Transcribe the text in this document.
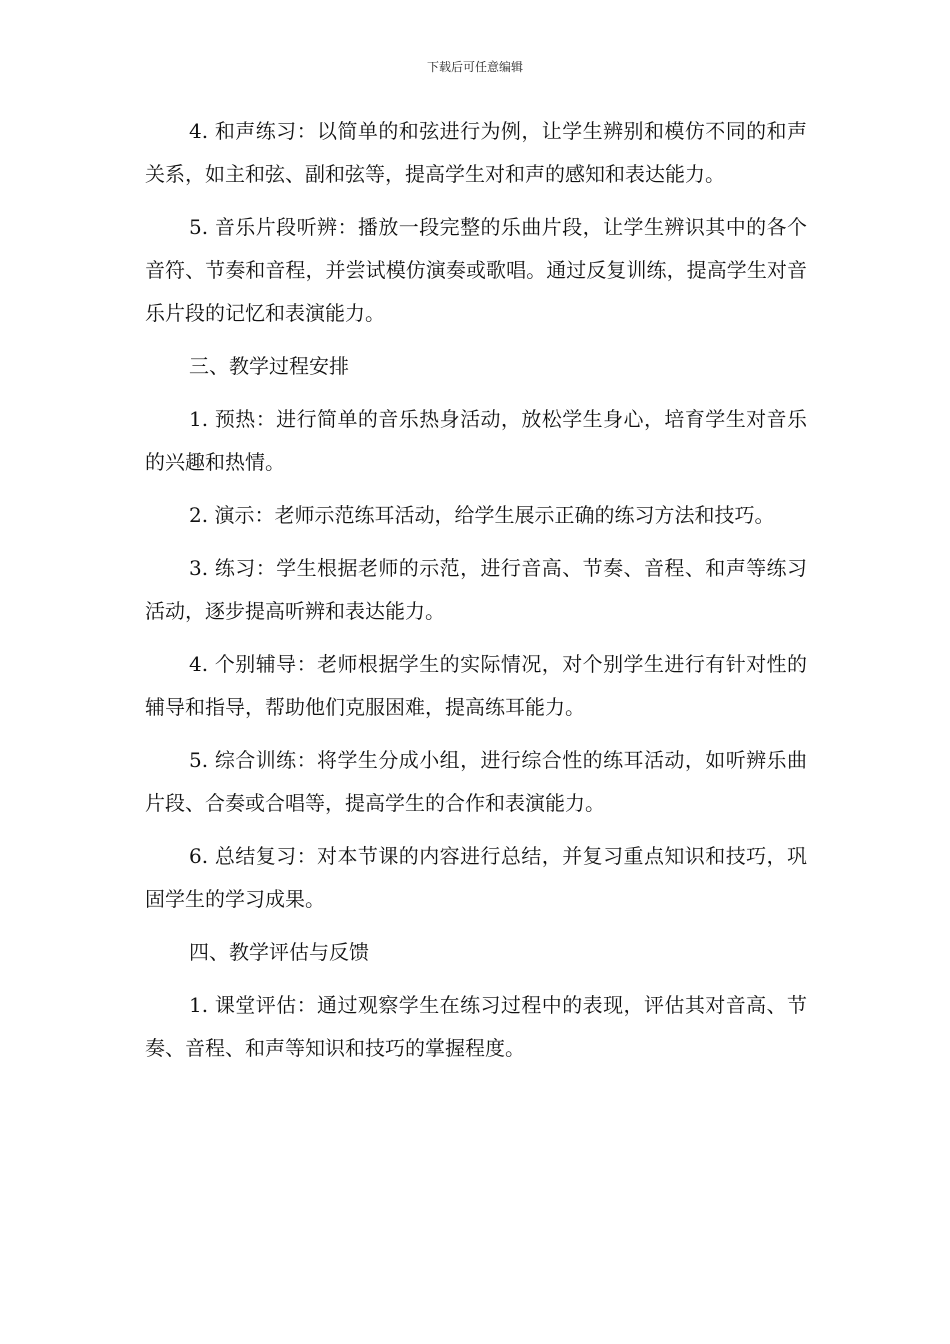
下载后可任意编辑

4. 和声练习：以简单的和弦进行为例，让学生辨别和模仿不同的和声关系，如主和弦、副和弦等，提高学生对和声的感知和表达能力。

5. 音乐片段听辨：播放一段完整的乐曲片段，让学生辨识其中的各个音符、节奏和音程，并尝试模仿演奏或歌唱。通过反复训练，提高学生对音乐片段的记忆和表演能力。

三、教学过程安排

1. 预热：进行简单的音乐热身活动，放松学生身心，培育学生对音乐的兴趣和热情。

2. 演示：老师示范练耳活动，给学生展示正确的练习方法和技巧。

3. 练习：学生根据老师的示范，进行音高、节奏、音程、和声等练习活动，逐步提高听辨和表达能力。

4. 个别辅导：老师根据学生的实际情况，对个别学生进行有针对性的辅导和指导，帮助他们克服困难，提高练耳能力。

5. 综合训练：将学生分成小组，进行综合性的练耳活动，如听辨乐曲片段、合奏或合唱等，提高学生的合作和表演能力。

6. 总结复习：对本节课的内容进行总结，并复习重点知识和技巧，巩固学生的学习成果。

四、教学评估与反馈

1. 课堂评估：通过观察学生在练习过程中的表现，评估其对音高、节奏、音程、和声等知识和技巧的掌握程度。
